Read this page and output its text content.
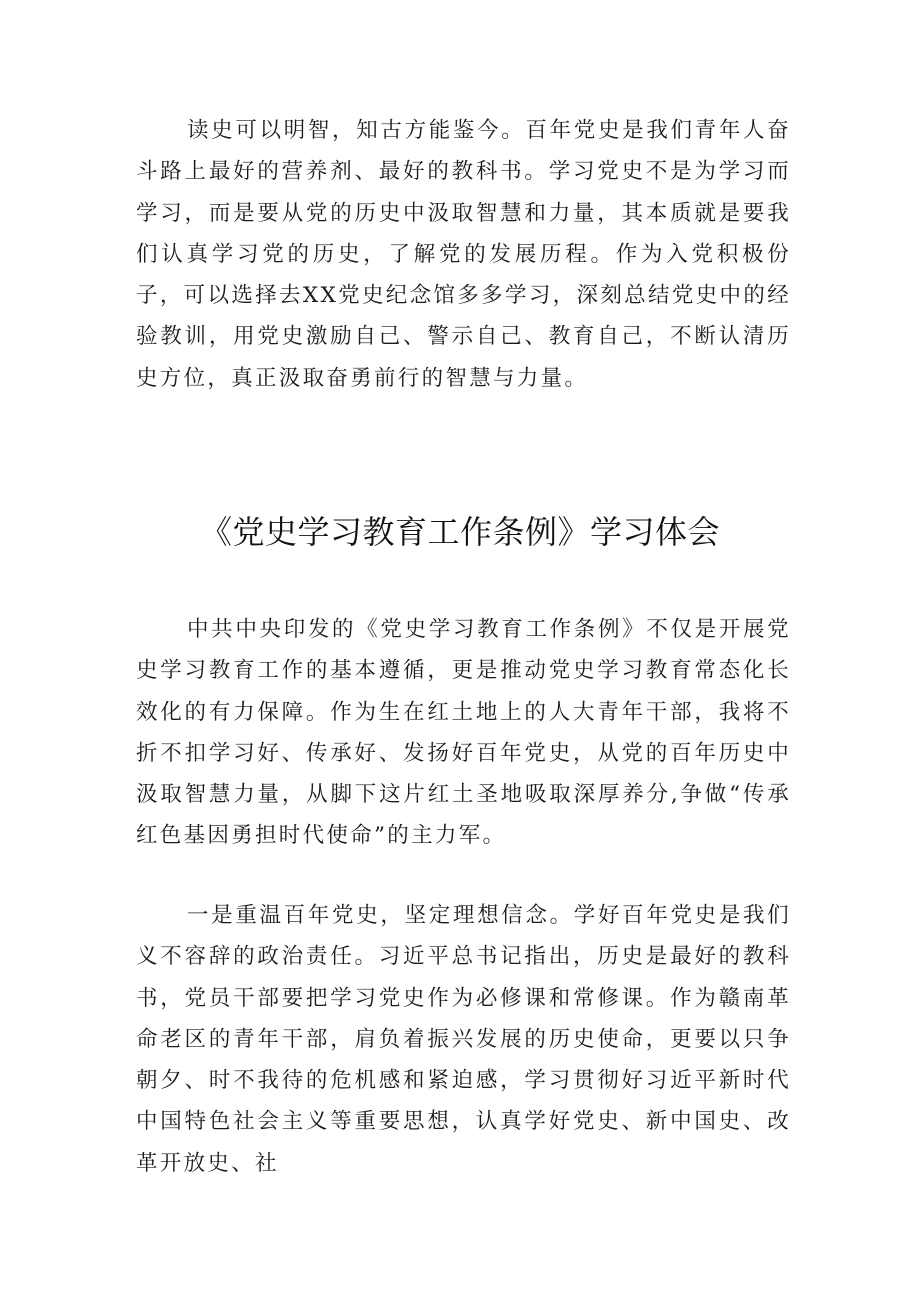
读史可以明智，知古方能鉴今。百年党史是我们青年人奋斗路上最好的营养剂、最好的教科书。学习党史不是为学习而学习，而是要从党的历史中汲取智慧和力量，其本质就是要我们认真学习党的历史，了解党的发展历程。作为入党积极份子，可以选择去XX党史纪念馆多多学习，深刻总结党史中的经验教训，用党史激励自己、警示自己、教育自己，不断认清历史方位，真正汲取奋勇前行的智慧与力量。

《党史学习教育工作条例》学习体会

中共中央印发的《党史学习教育工作条例》不仅是开展党史学习教育工作的基本遵循，更是推动党史学习教育常态化长效化的有力保障。作为生在红土地上的人大青年干部，我将不折不扣学习好、传承好、发扬好百年党史，从党的百年历史中汲取智慧力量，从脚下这片红土圣地吸取深厚养分,争做“传承红色基因勇担时代使命”的主力军。

一是重温百年党史，坚定理想信念。学好百年党史是我们义不容辞的政治责任。习近平总书记指出，历史是最好的教科书，党员干部要把学习党史作为必修课和常修课。作为赣南革命老区的青年干部，肩负着振兴发展的历史使命，更要以只争朝夕、时不我待的危机感和紧迫感，学习贯彻好习近平新时代中国特色社会主义等重要思想，认真学好党史、新中国史、改革开放史、社
